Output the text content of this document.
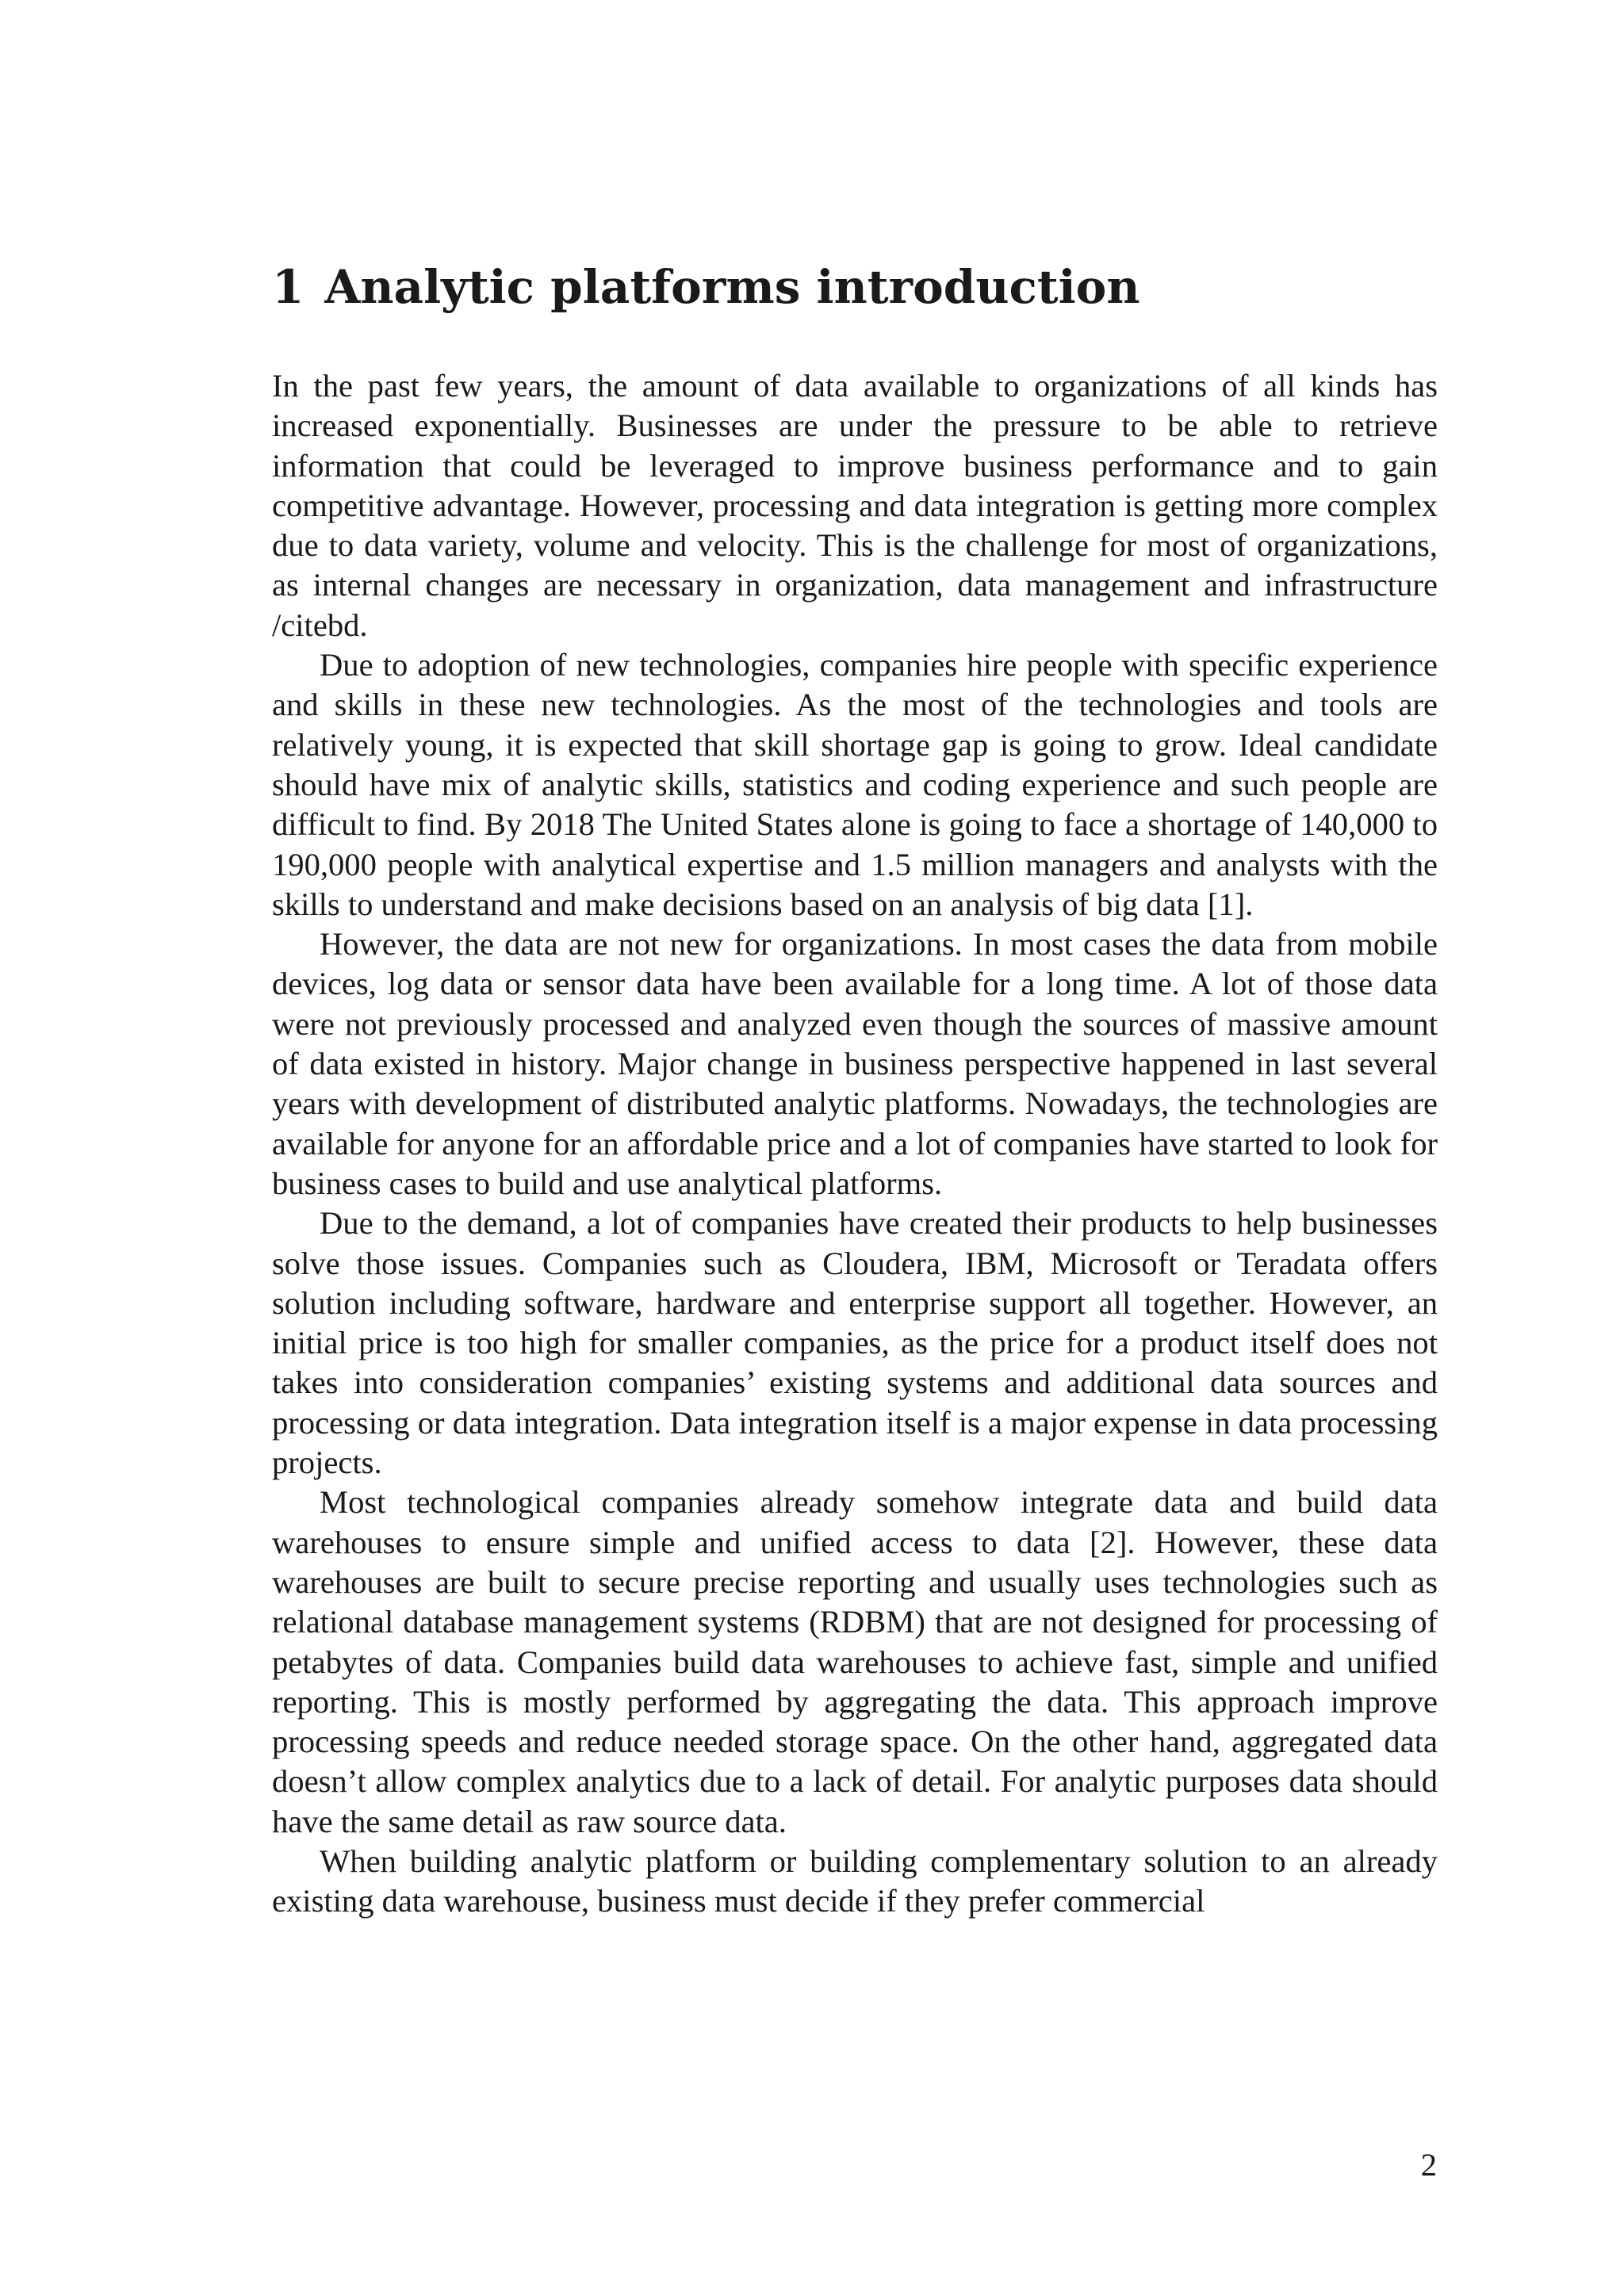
1 Analytic platforms introduction

In the past few years, the amount of data available to organizations of all kinds has increased exponentially. Businesses are under the pressure to be able to retrieve information that could be leveraged to improve business performance and to gain competitive advantage. However, processing and data integration is getting more complex due to data variety, volume and velocity. This is the challenge for most of organizations, as internal changes are necessary in organization, data management and infrastructure /citebd.

Due to adoption of new technologies, companies hire people with specific experience and skills in these new technologies. As the most of the technologies and tools are relatively young, it is expected that skill shortage gap is going to grow. Ideal candidate should have mix of analytic skills, statistics and coding experience and such people are difficult to find. By 2018 The United States alone is going to face a shortage of 140,000 to 190,000 people with analytical expertise and 1.5 million managers and analysts with the skills to understand and make decisions based on an analysis of big data [1].

However, the data are not new for organizations. In most cases the data from mobile devices, log data or sensor data have been available for a long time. A lot of those data were not previously processed and analyzed even though the sources of massive amount of data existed in history. Major change in business perspective happened in last several years with development of distributed analytic platforms. Nowadays, the technologies are available for anyone for an affordable price and a lot of companies have started to look for business cases to build and use analytical platforms.

Due to the demand, a lot of companies have created their products to help businesses solve those issues. Companies such as Cloudera, IBM, Microsoft or Teradata offers solution including software, hardware and enterprise support all together. However, an initial price is too high for smaller companies, as the price for a product itself does not takes into consideration companies’ existing systems and additional data sources and processing or data integration. Data integration itself is a major expense in data processing projects.

Most technological companies already somehow integrate data and build data warehouses to ensure simple and unified access to data [2]. However, these data warehouses are built to secure precise reporting and usually uses technologies such as relational database management systems (RDBM) that are not designed for processing of petabytes of data. Companies build data warehouses to achieve fast, simple and unified reporting. This is mostly performed by aggregating the data. This approach improve processing speeds and reduce needed storage space. On the other hand, aggregated data doesn’t allow complex analytics due to a lack of detail. For analytic purposes data should have the same detail as raw source data.

When building analytic platform or building complementary solution to an already existing data warehouse, business must decide if they prefer commercial

2
